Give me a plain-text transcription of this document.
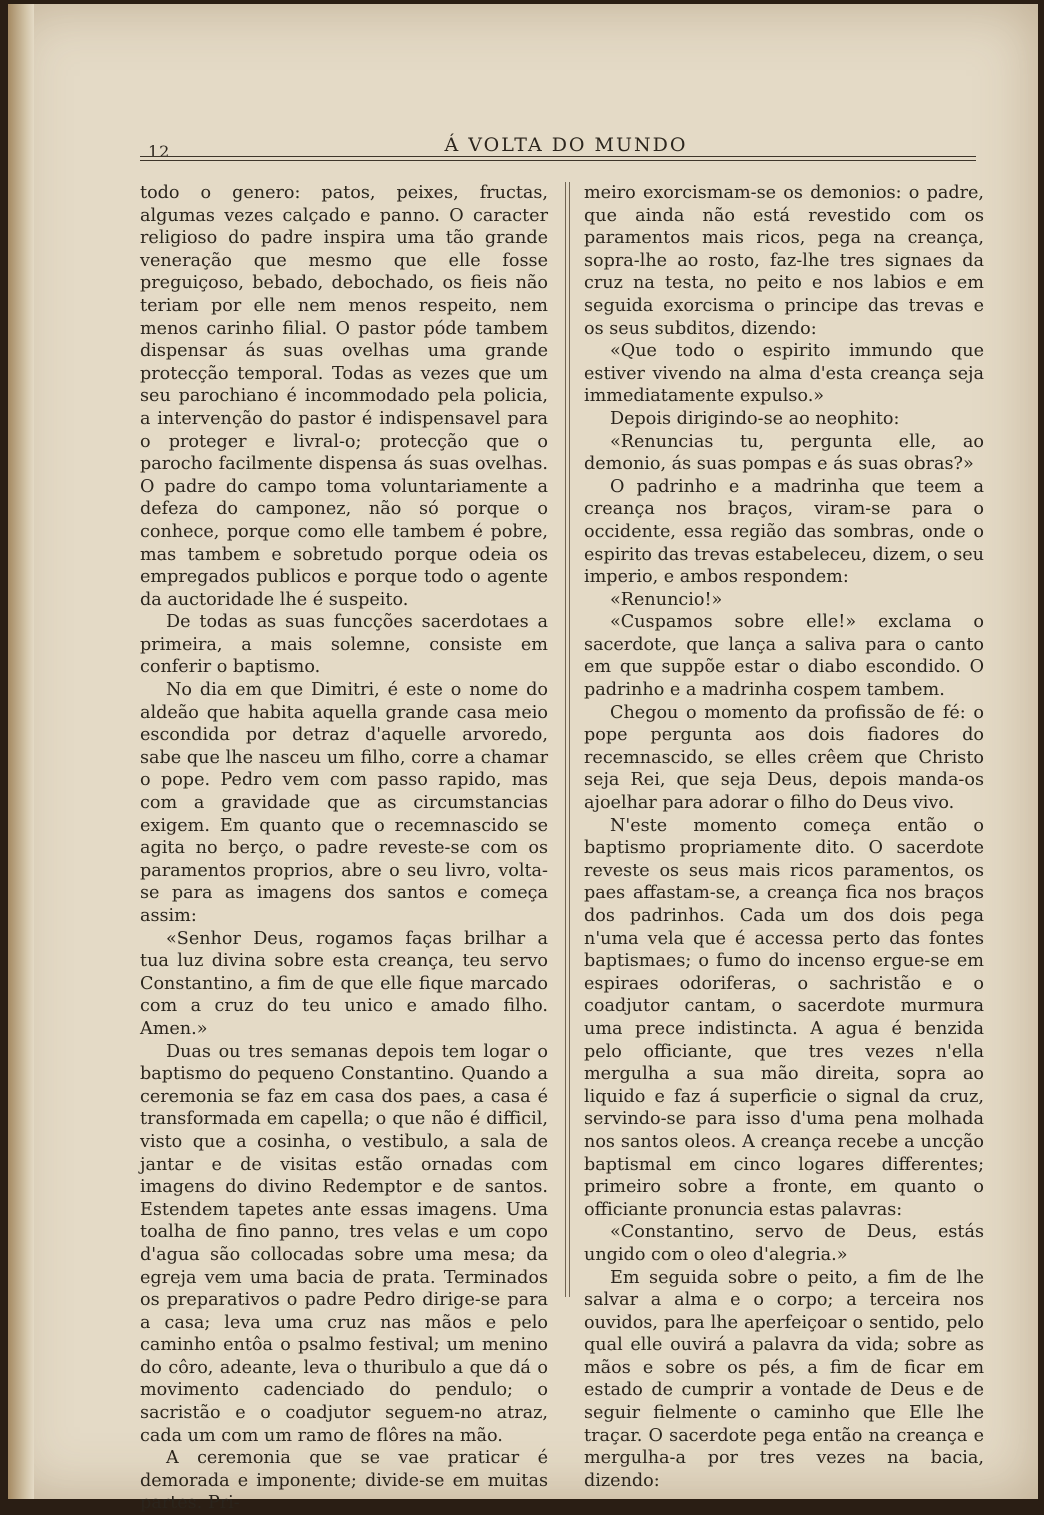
12	Á VOLTA DO MUNDO

todo o genero: patos, peixes, fructas, algumas vezes calçado e panno. O caracter religioso do padre inspira uma tão grande veneração que mesmo que elle fosse preguiçoso, bebado, debochado, os fieis não teriam por elle nem menos respeito, nem menos carinho filial. O pastor póde tambem dispensar ás suas ovelhas uma grande protecção temporal. Todas as vezes que um seu parochiano é incommodado pela policia, a intervenção do pastor é indispensavel para o proteger e livral-o; protecção que o parocho facilmente dispensa ás suas ovelhas. O padre do campo toma voluntariamente a defeza do camponez, não só porque o conhece, porque como elle tambem é pobre, mas tambem e sobretudo porque odeia os empregados publicos e porque todo o agente da auctoridade lhe é suspeito.

De todas as suas funcções sacerdotaes a primeira, a mais solemne, consiste em conferir o baptismo.

No dia em que Dimitri, é este o nome do aldeão que habita aquella grande casa meio escondida por detraz d'aquelle arvoredo, sabe que lhe nasceu um filho, corre a chamar o pope. Pedro vem com passo rapido, mas com a gravidade que as circumstancias exigem. Em quanto que o recemnascido se agita no berço, o padre reveste-se com os paramentos proprios, abre o seu livro, volta-se para as imagens dos santos e começa assim:

«Senhor Deus, rogamos faças brilhar a tua luz divina sobre esta creança, teu servo Constantino, a fim de que elle fique marcado com a cruz do teu unico e amado filho. Amen.»

Duas ou tres semanas depois tem logar o baptismo do pequeno Constantino. Quando a ceremonia se faz em casa dos paes, a casa é transformada em capella; o que não é difficil, visto que a cosinha, o vestibulo, a sala de jantar e de visitas estão ornadas com imagens do divino Redemptor e de santos. Estendem tapetes ante essas imagens. Uma toalha de fino panno, tres velas e um copo d'agua são collocadas sobre uma mesa; da egreja vem uma bacia de prata. Terminados os preparativos o padre Pedro dirige-se para a casa; leva uma cruz nas mãos e pelo caminho entôa o psalmo festival; um menino do côro, adeante, leva o thuribulo a que dá o movimento cadenciado do pendulo; o sacristão e o coadjutor seguem-no atraz, cada um com um ramo de flôres na mão.

A ceremonia que se vae praticar é demorada e imponente; divide-se em muitas partes. Pri-

meiro exorcismam-se os demonios: o padre, que ainda não está revestido com os paramentos mais ricos, pega na creança, sopra-lhe ao rosto, faz-lhe tres signaes da cruz na testa, no peito e nos labios e em seguida exorcisma o principe das trevas e os seus subditos, dizendo:

«Que todo o espirito immundo que estiver vivendo na alma d'esta creança seja immediatamente expulso.»

Depois dirigindo-se ao neophito:

«Renuncias tu, pergunta elle, ao demonio, ás suas pompas e ás suas obras?»

O padrinho e a madrinha que teem a creança nos braços, viram-se para o occidente, essa região das sombras, onde o espirito das trevas estabeleceu, dizem, o seu imperio, e ambos respondem:

«Renuncio!»

«Cuspamos sobre elle!» exclama o sacerdote, que lança a saliva para o canto em que suppõe estar o diabo escondido. O padrinho e a madrinha cospem tambem.

Chegou o momento da profissão de fé: o pope pergunta aos dois fiadores do recemnascido, se elles crêem que Christo seja Rei, que seja Deus, depois manda-os ajoelhar para adorar o filho do Deus vivo.

N'este momento começa então o baptismo propriamente dito. O sacerdote reveste os seus mais ricos paramentos, os paes affastam-se, a creança fica nos braços dos padrinhos. Cada um dos dois pega n'uma vela que é accessa perto das fontes baptismaes; o fumo do incenso ergue-se em espiraes odoriferas, o sachristão e o coadjutor cantam, o sacerdote murmura uma prece indistincta. A agua é benzida pelo officiante, que tres vezes n'ella mergulha a sua mão direita, sopra ao liquido e faz á superficie o signal da cruz, servindo-se para isso d'uma pena molhada nos santos oleos. A creança recebe a uncção baptismal em cinco logares differentes; primeiro sobre a fronte, em quanto o officiante pronuncia estas palavras:

«Constantino, servo de Deus, estás ungido com o oleo d'alegria.»

Em seguida sobre o peito, a fim de lhe salvar a alma e o corpo; a terceira nos ouvidos, para lhe aperfeiçoar o sentido, pelo qual elle ouvirá a palavra da vida; sobre as mãos e sobre os pés, a fim de ficar em estado de cumprir a vontade de Deus e de seguir fielmente o caminho que Elle lhe traçar. O sacerdote pega então na creança e mergulha-a por tres vezes na bacia, dizendo:
